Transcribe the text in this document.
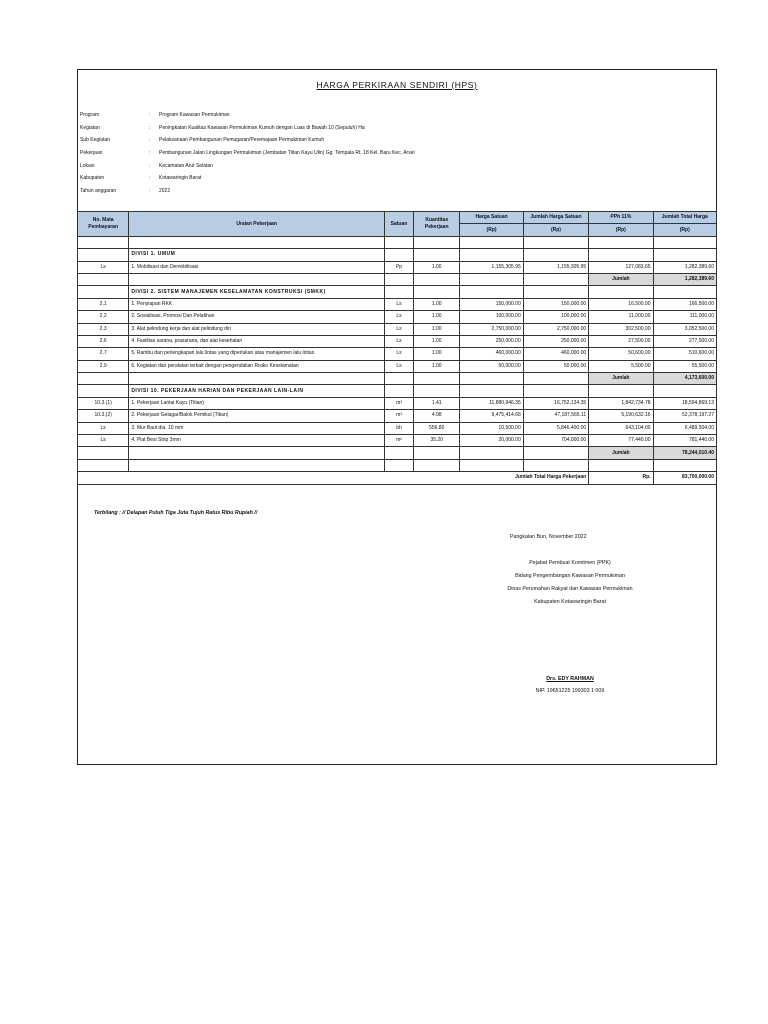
HARGA PERKIRAAN SENDIRI (HPS)
Program	: Program Kawasan Permukiman
Kegiatan	: Peningkatan Kualitas Kawasan Permukiman Kumuh dengan Luas di Bawah 10 (Sepuluh) Ha
Sub Kegiatan	: Pelaksanaan Pembangunan Pemugaran/Peremajaan Permukiman Kumuh
Pekerjaan	: Pembangunan Jalan Lingkungan Permukiman (Jembatan Titian Kayu Ulin) Gg. Tempala Rt. 18 Kel. Baru Kec. Arsel
Lokasi	: Kecamatan Arut Selatan
Kabupaten	: Kotawaringin Barat
Tahun anggaran	: 2022
No. Mata Pembayaran	Uraian Pekerjaan	Satuan	Kuantitas Pekerjaan	Harga Satuan	Jumlah Harga Satuan	PPh 11%	Jumlah Total Harga
				(Rp)	(Rp)	(Rp)	(Rp)

	DIVISI 1. UMUM						
Ls	1. Mobilisasi dan Demobilisasi	Pp	1.00	1,155,305.95	1,155,305.95	127,083.65	1,282,389.60
						Jumlah	1,282,389.60
	DIVISI 2. SISTEM MANAJEMEN KESELAMATAN KONSTRUKSI (SMKK)						
2.1	1. Penyiapan RKK	Ls	1.00	150,000.00	150,000.00	16,500.00	166,500.00
2.2	2. Sosialisasi, Promosi Dan Pelatihan	Ls	1.00	100,000.00	100,000.00	11,000.00	111,000.00
2.3	3. Alat pelindung kerja dan alat pelindung diri	Ls	1.00	2,750,000.00	2,750,000.00	302,500.00	3,052,500.00
2.6	4. Fasilitas sarana, prasarana, dan alat kesehatan	Ls	1.00	250,000.00	250,000.00	27,500.00	277,500.00
2.7	5. Rambu dan perlengkapan lalu lintas yang diperlukan atau manajemen lalu lintas	Ls	1.00	460,000.00	460,000.00	50,600.00	510,600.00
2.9	6. Kegiatan dan peralatan terkait dengan pengendalian Risiko Keselamatan	Ls	1.00	50,000.00	50,000.00	5,500.00	55,500.00
						Jumlah	4,173,600.00
	DIVISI 10. PEKERJAAN HARIAN DAN PEKERJAAN LAIN-LAIN						
10.3.(1)	1. Pekerjaan Lantai Kayu (Titian)	m³	1.41	11,880,946.35	16,752,134.35	1,842,734.78	18,594,869.13
10.3.(2)	2. Pekerjaan Gelagar/Balok Pemikul (Titian)	m³	4.98	9,475,414.68	47,187,565.11	5,190,632.16	52,378,197.27
Ls	3. Mur Baut dia. 10 mm	bh	556.80	10,500.00	5,846,400.00	643,104.00	6,489,504.00
Ls	4. Plat Besi Strip 3mm	m²	35.20	20,000.00	704,000.00	77,440.00	781,440.00
						Jumlah	78,244,010.40

Jumlah Total Harga Pekerjaan						Rp.	83,700,000.00
Terbilang : // Delapan Puluh Tiga Juta Tujuh Ratus Ribu Rupiah //
Pangkalan Bun, November 2022
Pejabat Pembuat Komitmen (PPK)
Bidang Pengembangan Kawasan Permukiman
Dinas Perumahan Rakyat dan Kawasan Permukiman
Kabupaten Kotawaringin Barat
Drs. EDY RAHMAN
NIP. 19651225 199303 1 009
